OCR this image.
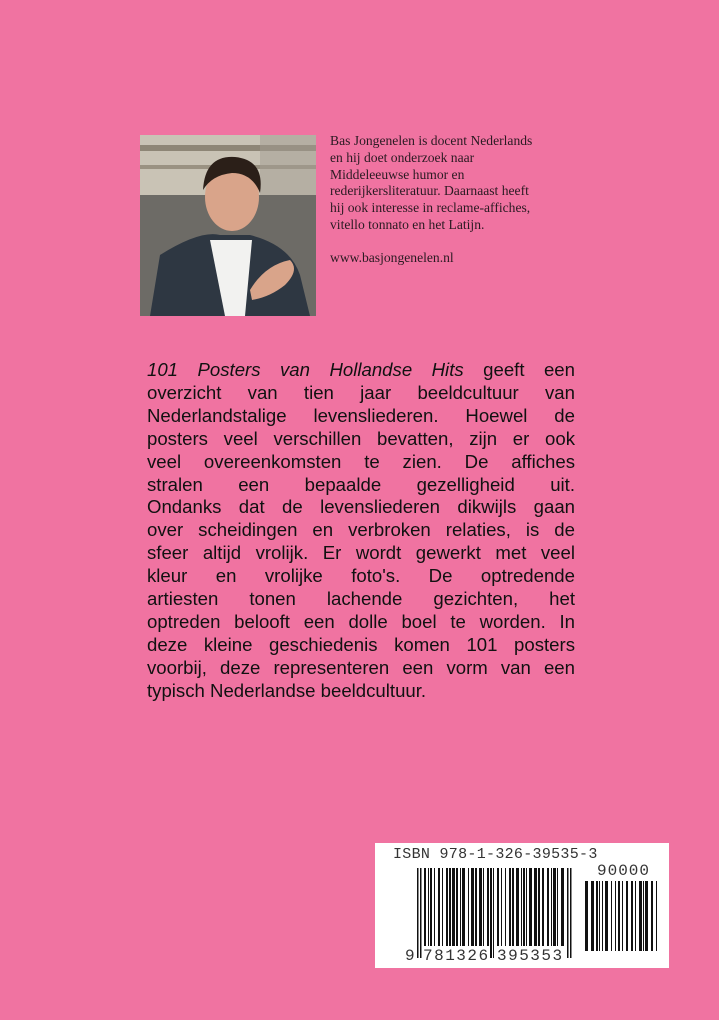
Bas Jongenelen is docent Nederlands
en hij doet onderzoek naar
Middeleeuwse humor en
rederijkersliteratuur. Daarnaast heeft
hij ook interesse in reclame-affiches,
vitello tonnato en het Latijn.
www.basjongenelen.nl
101 Posters van Hollandse Hits geeft een
overzicht van tien jaar beeldcultuur van
Nederlandstalige levensliederen. Hoewel de
posters veel verschillen bevatten, zijn er ook
veel overeenkomsten te zien. De affiches
stralen een bepaalde gezelligheid uit.
Ondanks dat de levensliederen dikwijls gaan
over scheidingen en verbroken relaties, is de
sfeer altijd vrolijk. Er wordt gewerkt met veel
kleur en vrolijke foto's. De optredende
artiesten tonen lachende gezichten, het
optreden belooft een dolle boel te worden. In
deze kleine geschiedenis komen 101 posters
voorbij, deze representeren een vorm van een
typisch Nederlandse beeldcultuur.
ISBN 978-1-326-39535-3
90000
9 781326 395353
